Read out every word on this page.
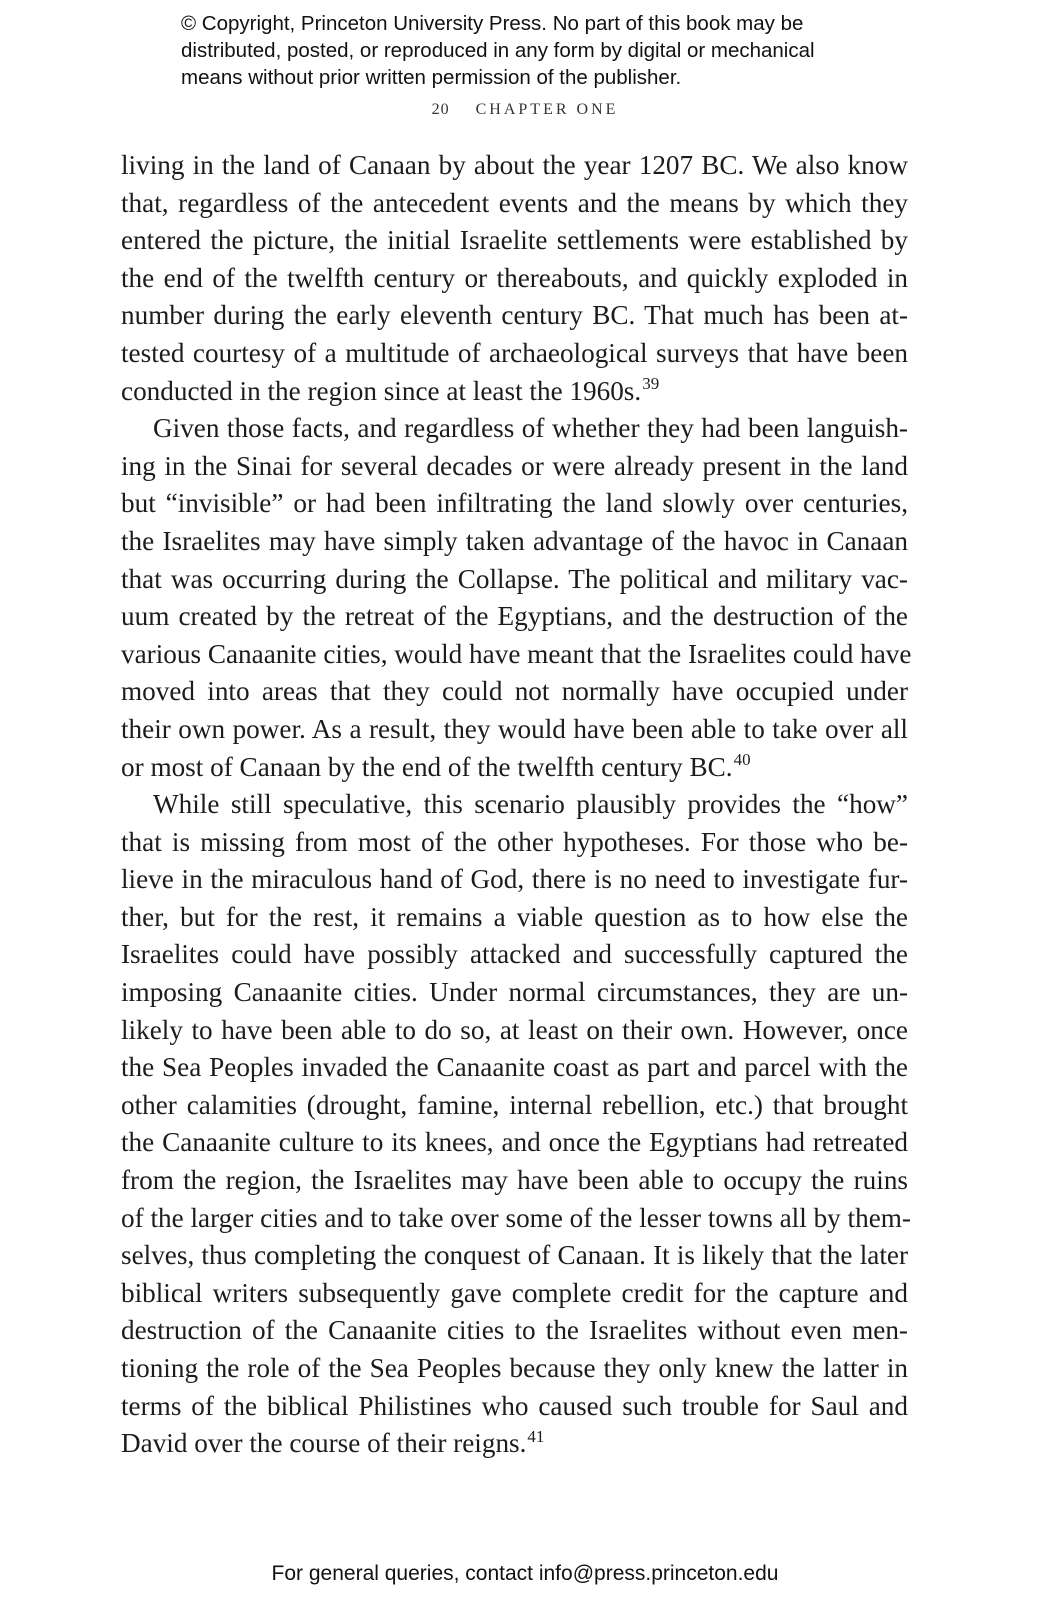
© Copyright, Princeton University Press. No part of this book may be
distributed, posted, or reproduced in any form by digital or mechanical
means without prior written permission of the publisher.
20 CHAPTER ONE
living in the land of Canaan by about the year 1207 BC. We also know
that, regardless of the antecedent events and the means by which they
entered the picture, the initial Israelite settlements were established by
the end of the twelfth century or thereabouts, and quickly exploded in
number during the early eleventh century BC. That much has been at-
tested courtesy of a multitude of archaeological surveys that have been
conducted in the region since at least the 1960s.$^{39}$
Given those facts, and regardless of whether they had been languish-
ing in the Sinai for several decades or were already present in the land
but “invisible” or had been infiltrating the land slowly over centuries,
the Israelites may have simply taken advantage of the havoc in Canaan
that was occurring during the Collapse. The political and military vac-
uum created by the retreat of the Egyptians, and the destruction of the
various Canaanite cities, would have meant that the Israelites could have
moved into areas that they could not normally have occupied under
their own power. As a result, they would have been able to take over all
or most of Canaan by the end of the twelfth century BC.$^{40}$
While still speculative, this scenario plausibly provides the “how”
that is missing from most of the other hypotheses. For those who be-
lieve in the miraculous hand of God, there is no need to investigate fur-
ther, but for the rest, it remains a viable question as to how else the
Israelites could have possibly attacked and successfully captured the
imposing Canaanite cities. Under normal circumstances, they are un-
likely to have been able to do so, at least on their own. However, once
the Sea Peoples invaded the Canaanite coast as part and parcel with the
other calamities (drought, famine, internal rebellion, etc.) that brought
the Canaanite culture to its knees, and once the Egyptians had retreated
from the region, the Israelites may have been able to occupy the ruins
of the larger cities and to take over some of the lesser towns all by them-
selves, thus completing the conquest of Canaan. It is likely that the later
biblical writers subsequently gave complete credit for the capture and
destruction of the Canaanite cities to the Israelites without even men-
tioning the role of the Sea Peoples because they only knew the latter in
terms of the biblical Philistines who caused such trouble for Saul and
David over the course of their reigns.$^{41}$
For general queries, contact info@press.princeton.edu
